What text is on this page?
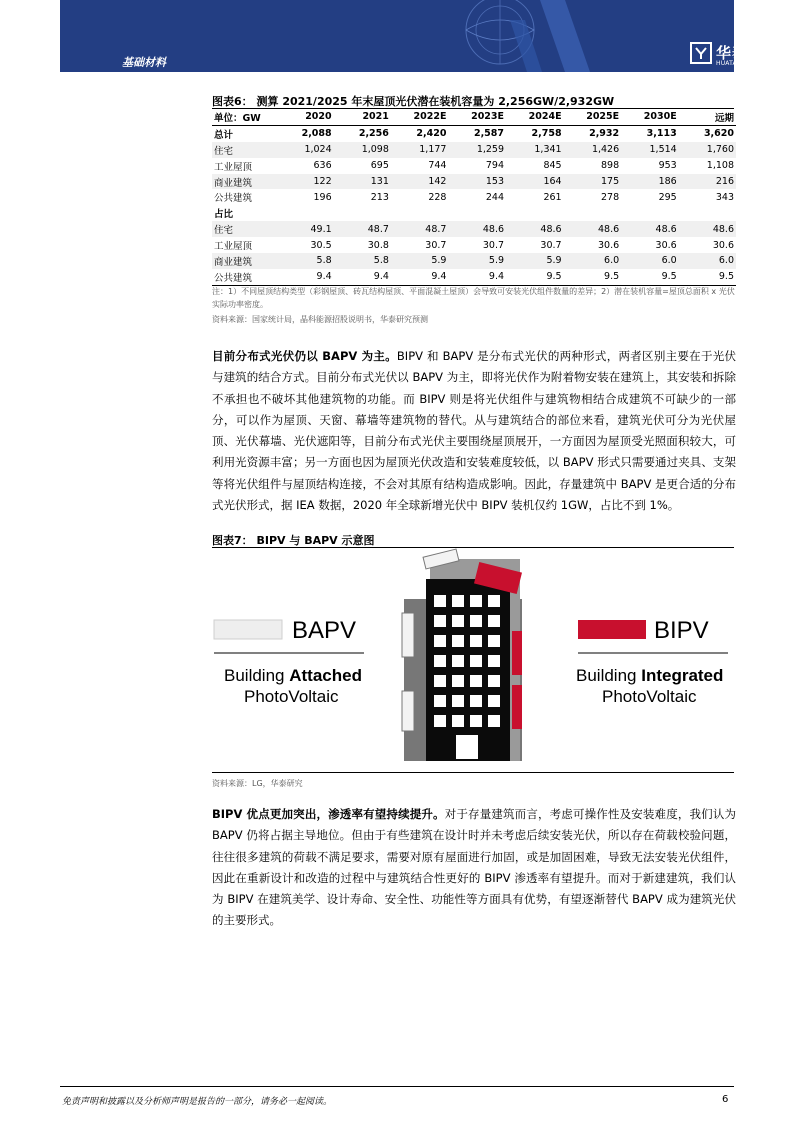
基础材料
华泰证券
HUATAI SECURITIES
图表6： 测算 2021/2025 年末屋顶光伏潜在装机容量为 2,256GW/2,932GW
单位：GW	2020	2021	2022E	2023E	2024E	2025E	2030E	远期
总计	2,088	2,256	2,420	2,587	2,758	2,932	3,113	3,620
住宅	1,024	1,098	1,177	1,259	1,341	1,426	1,514	1,760
工业屋顶	636	695	744	794	845	898	953	1,108
商业建筑	122	131	142	153	164	175	186	216
公共建筑	196	213	228	244	261	278	295	343
占比								
住宅	49.1	48.7	48.7	48.6	48.6	48.6	48.6	48.6
工业屋顶	30.5	30.8	30.7	30.7	30.7	30.6	30.6	30.6
商业建筑	5.8	5.8	5.9	5.9	5.9	6.0	6.0	6.0
公共建筑	9.4	9.4	9.4	9.4	9.5	9.5	9.5	9.5
注：1）不同屋顶结构类型（彩钢屋顶、砖瓦结构屋顶、平面混凝土屋顶）会导致可安装光伏组件数量的差异；2）潜在装机容量=屋顶总面积 x 光伏实际功率密度。
资料来源：国家统计局，晶科能源招股说明书，华泰研究预测
目前分布式光伏仍以 BAPV 为主。BIPV 和 BAPV 是分布式光伏的两种形式，两者区别主要在于光伏与建筑的结合方式。目前分布式光伏以 BAPV 为主，即将光伏作为附着物安装在建筑上，其安装和拆除不承担也不破坏其他建筑物的功能。而 BIPV 则是将光伏组件与建筑物相结合成建筑不可缺少的一部分，可以作为屋顶、天窗、幕墙等建筑物的替代。从与建筑结合的部位来看，建筑光伏可分为光伏屋顶、光伏幕墙、光伏遮阳等，目前分布式光伏主要围绕屋顶展开，一方面因为屋顶受光照面积较大，可利用光资源丰富；另一方面也因为屋顶光伏改造和安装难度较低，以 BAPV 形式只需要通过夹具、支架等将光伏组件与屋顶结构连接，不会对其原有结构造成影响。因此，存量建筑中 BAPV 是更合适的分布式光伏形式，据 IEA 数据，2020 年全球新增光伏中 BIPV 装机仅约 1GW，占比不到 1%。
图表7： BIPV 与 BAPV 示意图
BAPV
Building Attached
PhotoVoltaic
BIPV
Building Integrated
PhotoVoltaic
资料来源：LG，华泰研究
BIPV 优点更加突出，渗透率有望持续提升。对于存量建筑而言，考虑可操作性及安装难度，我们认为 BAPV 仍将占据主导地位。但由于有些建筑在设计时并未考虑后续安装光伏，所以存在荷载校验问题，往往很多建筑的荷载不满足要求，需要对原有屋面进行加固，或是加固困难，导致无法安装光伏组件，因此在重新设计和改造的过程中与建筑结合性更好的 BIPV 渗透率有望提升。而对于新建建筑，我们认为 BIPV 在建筑美学、设计寿命、安全性、功能性等方面具有优势，有望逐渐替代 BAPV 成为建筑光伏的主要形式。
免责声明和披露以及分析师声明是报告的一部分，请务必一起阅读。	6
